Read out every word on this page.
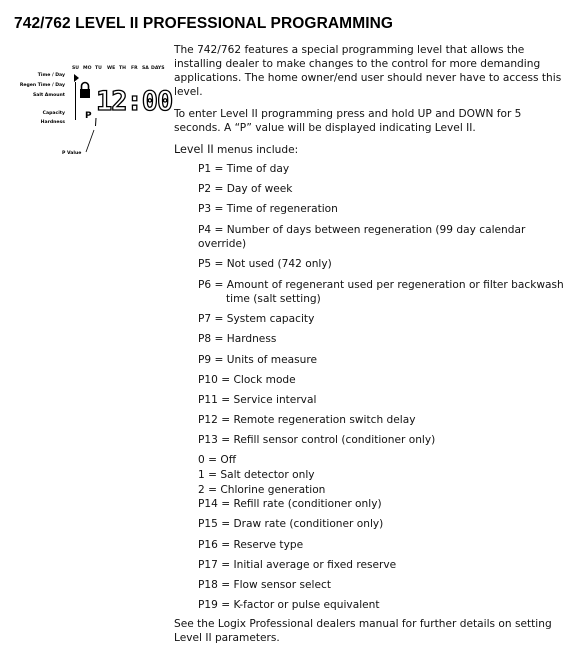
742/762 LEVEL II PROFESSIONAL PROGRAMMING
SU MO TU WE TH FR SA DAYS
Time / Day
Regen Time / Day
Salt Amount
Capacity
Hardness
12:00
P
P Value
The 742/762 features a special programming level that allows the
installing dealer to make changes to the control for more demanding
applications. The home owner/end user should never have to access this
level.
To enter Level II programming press and hold UP and DOWN for 5
seconds. A “P” value will be displayed indicating Level II.
Level II menus include:
P1 = Time of day
P2 = Day of week
P3 = Time of regeneration
P4 = Number of days between regeneration (99 day calendar
override)
P5 = Not used (742 only)
P6 = Amount of regenerant used per regeneration or filter backwash
time (salt setting)
P7 = System capacity
P8 = Hardness
P9 = Units of measure
P10 = Clock mode
P11 = Service interval
P12 = Remote regeneration switch delay
P13 = Refill sensor control (conditioner only)
0 = Off
1 = Salt detector only
2 = Chlorine generation
P14 = Refill rate (conditioner only)
P15 = Draw rate (conditioner only)
P16 = Reserve type
P17 = Initial average or fixed reserve
P18 = Flow sensor select
P19 = K-factor or pulse equivalent
See the Logix Professional dealers manual for further details on setting
Level II parameters.
